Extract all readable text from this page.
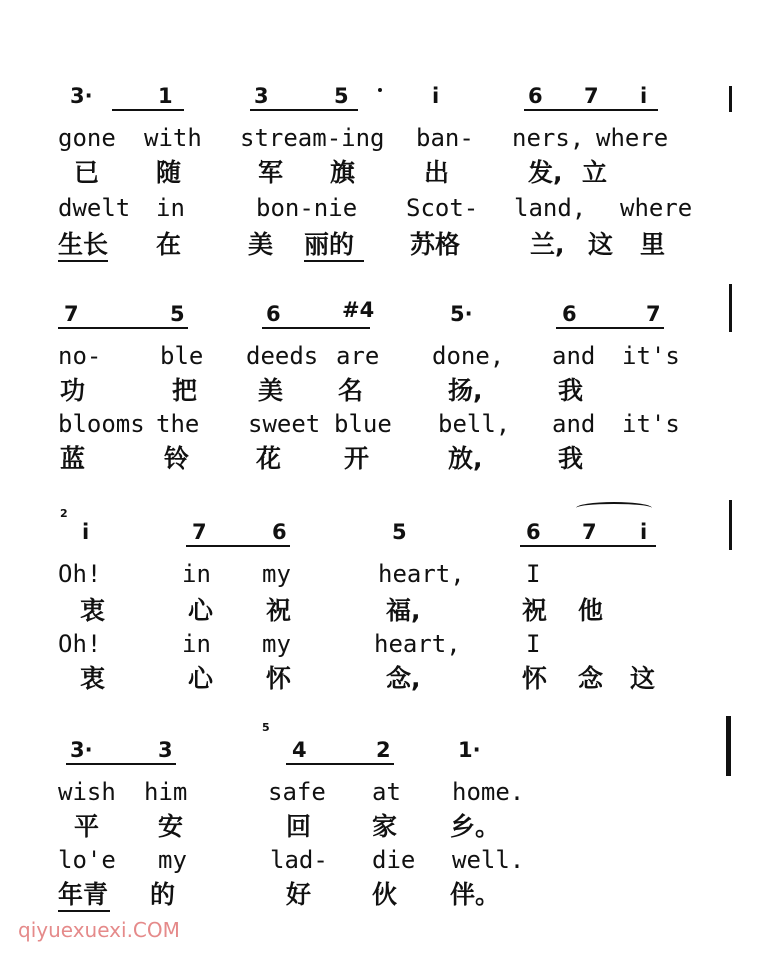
3·	1	3	5	i	6 7 i
gone with stream-ing ban- ners, where
已 随	军 旗	出	发, 立
dwelt in	bon-nie Scot- land, where
生长 在	美 丽的 苏格	兰, 这 里
7	5	6	#4	5·	6	7
no- ble deeds are done, and it's
功	把 美 名	扬,	我
blooms the sweet blue bell, and it's
蓝	铃	花	开	放,	我
2
i	7	6	5	6 7 i
Oh!	in my	heart,	I
衷	心 祝	福,	祝 他
Oh!	in my	heart,	I
衷	心 怀	念,	怀 念 这
3·	3
5
4	2	1·
wish him	safe at home.
平 安	回 家 乡。
lo'e my	lad- die well.
年青 的	好 伙 伴。
qiyuexuexi.COM
